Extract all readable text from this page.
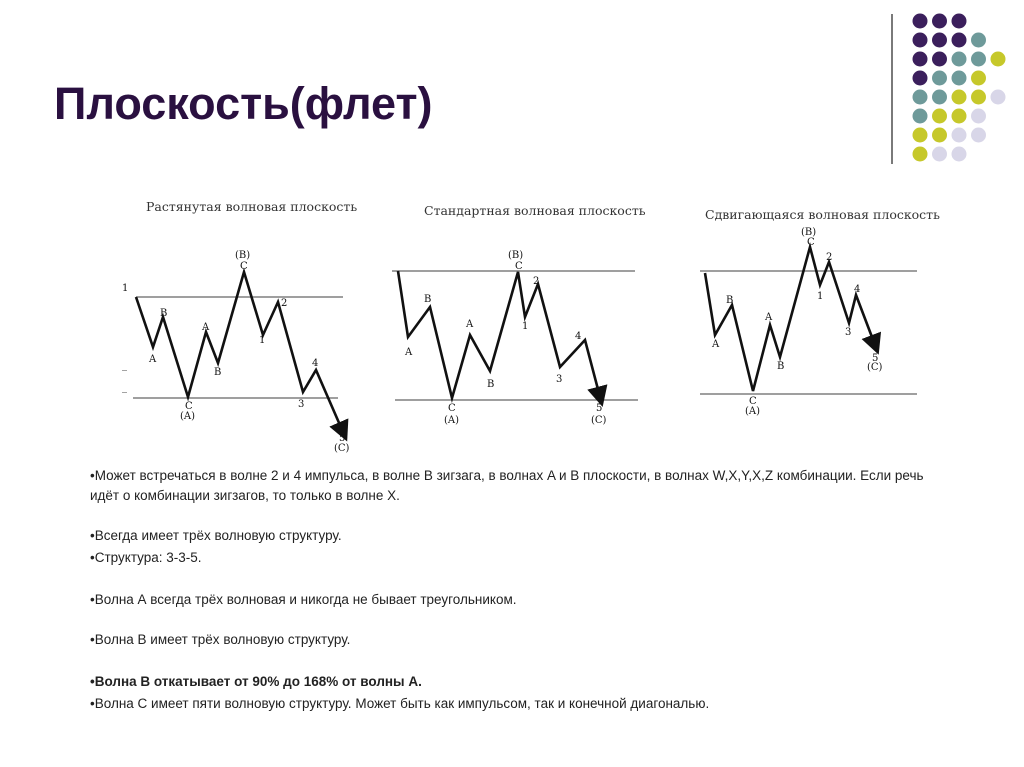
Плоскость(флет)
Растянутая волновая плоскость
1
_
_
A
B
C
(A)
A
B
(B)
C
1
2
3
4
5
(C)
Стандартная волновая плоскость
A
B
C
(A)
A
B
(B)
C
1
2
3
4
5
(C)
Сдвигающаяся волновая плоскость
A
B
C
(A)
A
B
(B)
C
1
2
3
4
5
(C)
•Может встречаться в волне 2 и 4 импульса, в волне B зигзага, в волнах A и B плоскости, в волнах W,X,Y,X,Z комбинации. Если речь идёт о комбинации зигзагов, то только в волне X.
•Всегда имеет трёх волновую структуру.
•Структура: 3-3-5.
•Волна А всегда трёх волновая и никогда не бывает треугольником.
•Волна B имеет трёх волновую структуру.
•Волна B откатывает от 90% до 168% от волны A.
•Волна C имеет пяти волновую структуру. Может быть как импульсом, так и конечной диагональю.
